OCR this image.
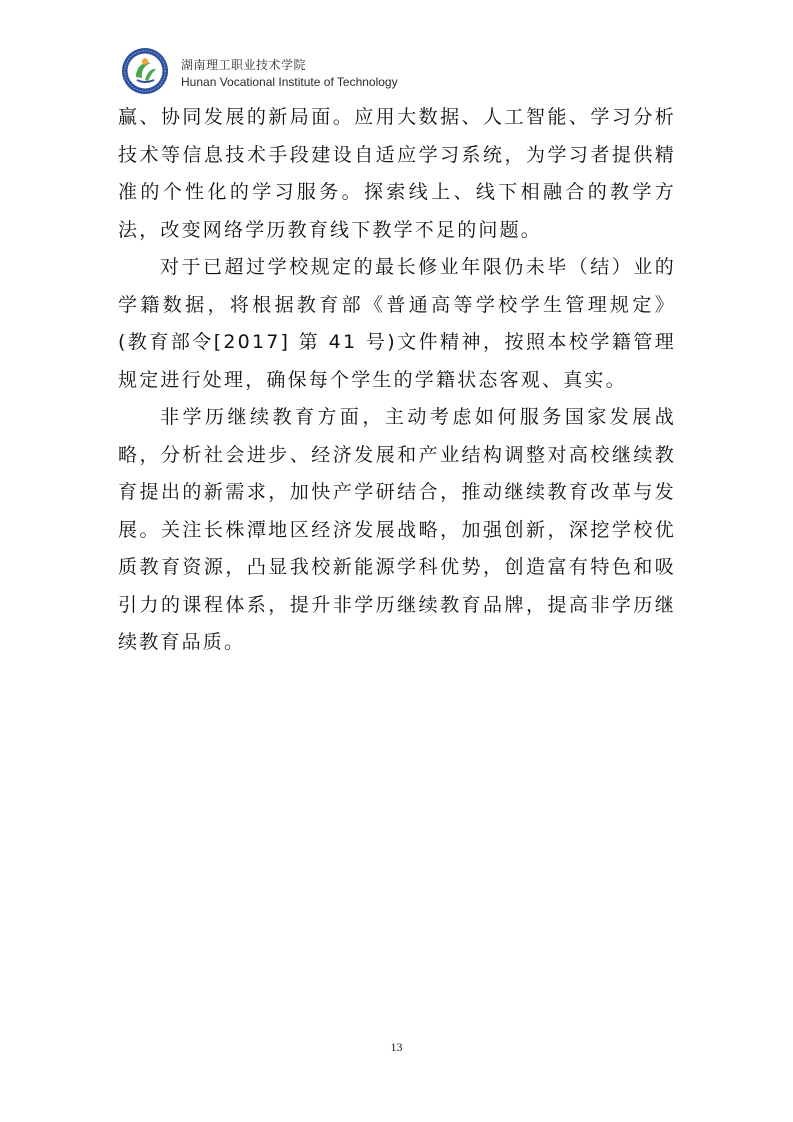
湖南理工职业技术学院
Hunan Vocational Institute of Technology

赢、协同发展的新局面。应用大数据、人工智能、学习分析技术等信息技术手段建设自适应学习系统，为学习者提供精准的个性化的学习服务。探索线上、线下相融合的教学方法，改变网络学历教育线下教学不足的问题。

对于已超过学校规定的最长修业年限仍未毕（结）业的学籍数据，将根据教育部《普通高等学校学生管理规定》(教育部令[2017] 第 41 号)文件精神，按照本校学籍管理规定进行处理，确保每个学生的学籍状态客观、真实。

非学历继续教育方面，主动考虑如何服务国家发展战略，分析社会进步、经济发展和产业结构调整对高校继续教育提出的新需求，加快产学研结合，推动继续教育改革与发展。关注长株潭地区经济发展战略，加强创新，深挖学校优质教育资源，凸显我校新能源学科优势，创造富有特色和吸引力的课程体系，提升非学历继续教育品牌，提高非学历继续教育品质。

13
